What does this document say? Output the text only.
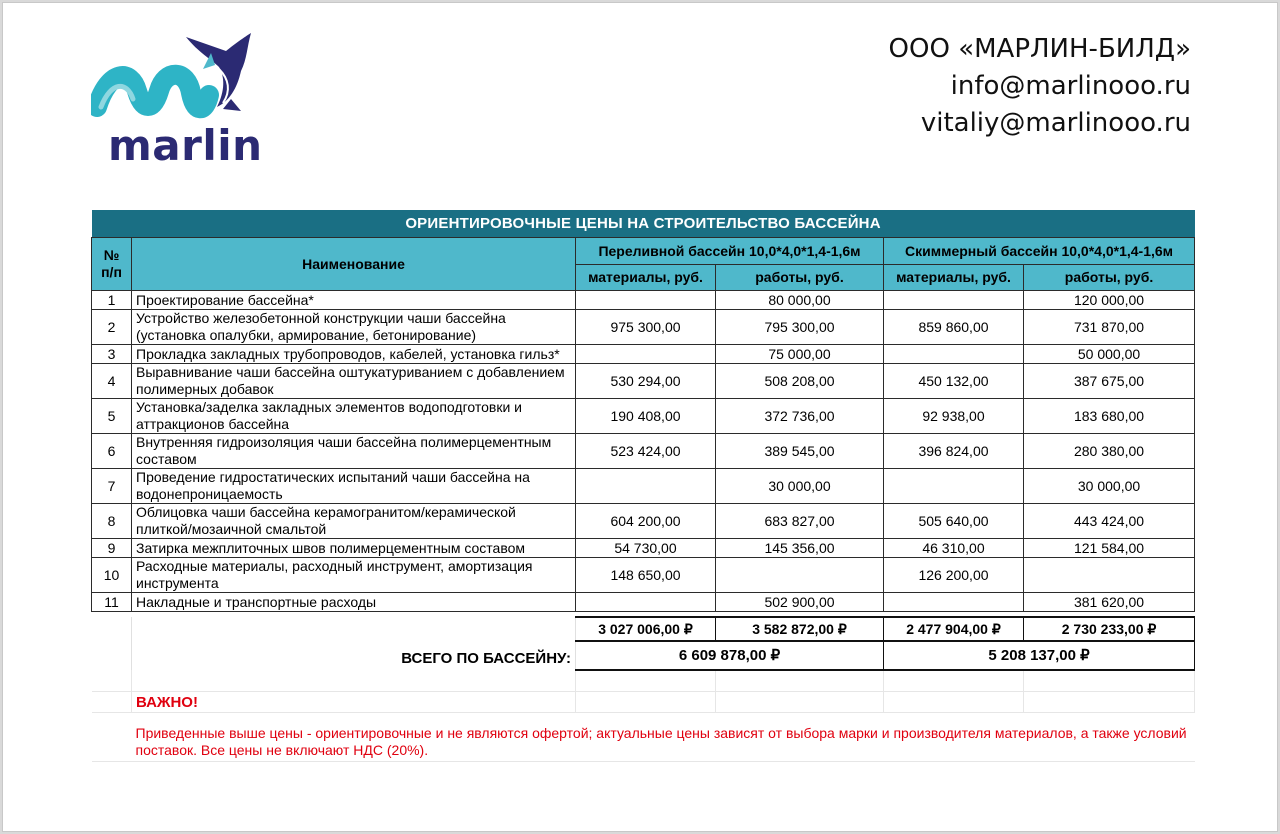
marlin
ООО «МАРЛИН-БИЛД»
info@marlinooo.ru
vitaliy@marlinooo.ru
ОРИЕНТИРОВОЧНЫЕ ЦЕНЫ НА СТРОИТЕЛЬСТВО БАССЕЙНА					
№ п/п	Наименование	Переливной бассейн 10,0*4,0*1,4-1,6м		Скиммерный бассейн 10,0*4,0*1,4-1,6м	
		материалы, руб.	работы, руб.	материалы, руб.	работы, руб.
1	Проектирование бассейна*		80 000,00		120 000,00
2	Устройство железобетонной конструкции чаши бассейна (установка опалубки, армирование, бетонирование)	975 300,00	795 300,00	859 860,00	731 870,00
3	Прокладка закладных трубопроводов, кабелей, установка гильз*		75 000,00		50 000,00
4	Выравнивание чаши бассейна оштукатуриванием с добавлением полимерных добавок	530 294,00	508 208,00	450 132,00	387 675,00
5	Установка/заделка закладных элементов водоподготовки и аттракционов бассейна	190 408,00	372 736,00	92 938,00	183 680,00
6	Внутренняя гидроизоляция чаши бассейна полимерцементным составом	523 424,00	389 545,00	396 824,00	280 380,00
7	Проведение гидростатических испытаний чаши бассейна на водонепроницаемость		30 000,00		30 000,00
8	Облицовка чаши бассейна керамогранитом/керамической плиткой/мозаичной смальтой	604 200,00	683 827,00	505 640,00	443 424,00
9	Затирка межплиточных швов полимерцементным составом	54 730,00	145 356,00	46 310,00	121 584,00
10	Расходные материалы, расходный инструмент, амортизация инструмента	148 650,00		126 200,00	
11	Накладные и транспортные расходы		502 900,00		381 620,00

		3 027 006,00 ₽	3 582 872,00 ₽	2 477 904,00 ₽	2 730 233,00 ₽
	ВСЕГО ПО БАССЕЙНУ:	6 609 878,00 ₽		5 208 137,00 ₽	

	ВАЖНО!				
	Приведенные выше цены - ориентировочные и не являются офертой; актуальные цены зависят от выбора марки и производителя материалов, а также условий поставок. Все цены не включают НДС (20%).				
